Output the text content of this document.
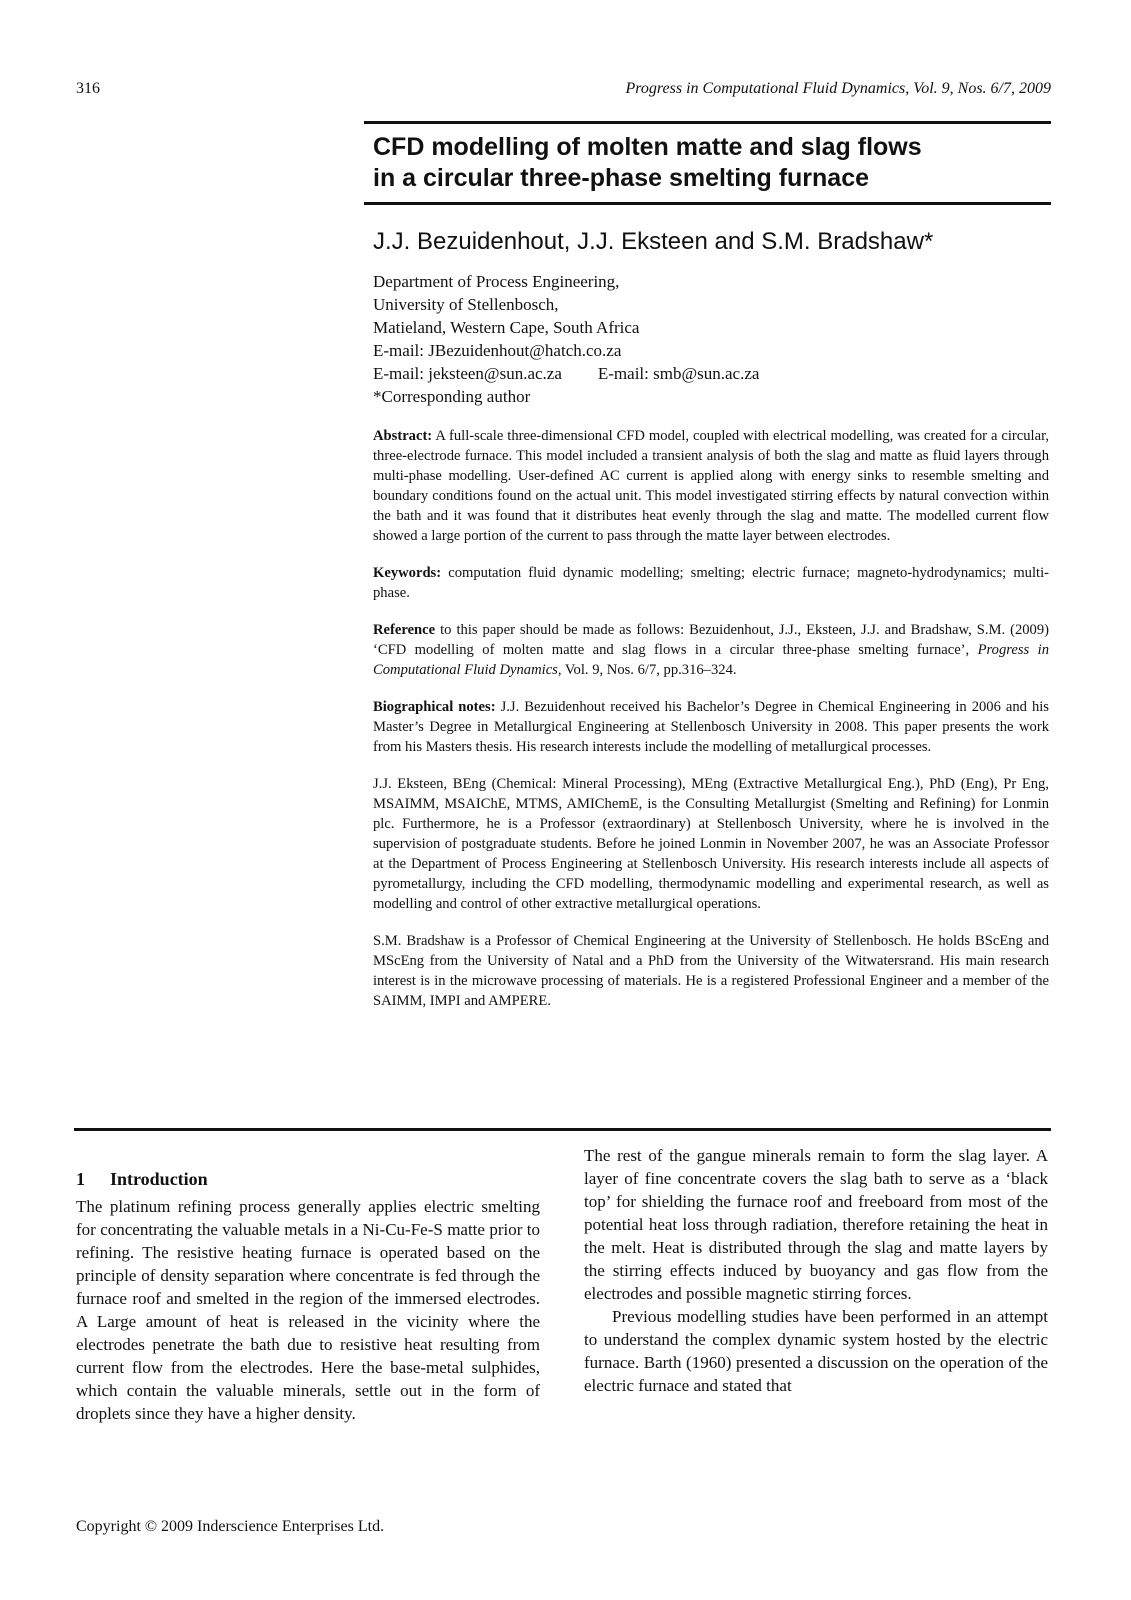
316	Progress in Computational Fluid Dynamics, Vol. 9, Nos. 6/7, 2009
CFD modelling of molten matte and slag flows
in a circular three-phase smelting furnace
J.J. Bezuidenhout, J.J. Eksteen and S.M. Bradshaw*
Department of Process Engineering,
University of Stellenbosch,
Matieland, Western Cape, South Africa
E-mail: JBezuidenhout@hatch.co.za
E-mail: jeksteen@sun.ac.za E-mail: smb@sun.ac.za
*Corresponding author

Abstract: A full-scale three-dimensional CFD model, coupled with electrical modelling, was created for a circular, three-electrode furnace. This model included a transient analysis of both the slag and matte as fluid layers through multi-phase modelling. User-defined AC current is applied along with energy sinks to resemble smelting and boundary conditions found on the actual unit. This model investigated stirring effects by natural convection within the bath and it was found that it distributes heat evenly through the slag and matte. The modelled current flow showed a large portion of the current to pass through the matte layer between electrodes.

Keywords: computation fluid dynamic modelling; smelting; electric furnace; magneto-hydrodynamics; multi-phase.

Reference to this paper should be made as follows: Bezuidenhout, J.J., Eksteen, J.J. and Bradshaw, S.M. (2009) ‘CFD modelling of molten matte and slag flows in a circular three-phase smelting furnace’, Progress in Computational Fluid Dynamics, Vol. 9, Nos. 6/7, pp.316–324.

Biographical notes: J.J. Bezuidenhout received his Bachelor’s Degree in Chemical Engineering in 2006 and his Master’s Degree in Metallurgical Engineering at Stellenbosch University in 2008. This paper presents the work from his Masters thesis. His research interests include the modelling of metallurgical processes.

J.J. Eksteen, BEng (Chemical: Mineral Processing), MEng (Extractive Metallurgical Eng.), PhD (Eng), Pr Eng, MSAIMM, MSAIChE, MTMS, AMIChemE, is the Consulting Metallurgist (Smelting and Refining) for Lonmin plc. Furthermore, he is a Professor (extraordinary) at Stellenbosch University, where he is involved in the supervision of postgraduate students. Before he joined Lonmin in November 2007, he was an Associate Professor at the Department of Process Engineering at Stellenbosch University. His research interests include all aspects of pyrometallurgy, including the CFD modelling, thermodynamic modelling and experimental research, as well as modelling and control of other extractive metallurgical operations.

S.M. Bradshaw is a Professor of Chemical Engineering at the University of Stellenbosch. He holds BScEng and MScEng from the University of Natal and a PhD from the University of the Witwatersrand. His main research interest is in the microwave processing of materials. He is a registered Professional Engineer and a member of the SAIMM, IMPI and AMPERE.

1 Introduction

The platinum refining process generally applies electric smelting for concentrating the valuable metals in a Ni-Cu-Fe-S matte prior to refining. The resistive heating furnace is operated based on the principle of density separation where concentrate is fed through the furnace roof and smelted in the region of the immersed electrodes. A Large amount of heat is released in the vicinity where the electrodes penetrate the bath due to resistive heat resulting from current flow from the electrodes. Here the base-metal sulphides, which contain the valuable minerals, settle out in the form of droplets since they have a higher density.

The rest of the gangue minerals remain to form the slag layer. A layer of fine concentrate covers the slag bath to serve as a ‘black top’ for shielding the furnace roof and freeboard from most of the potential heat loss through radiation, therefore retaining the heat in the melt. Heat is distributed through the slag and matte layers by the stirring effects induced by buoyancy and gas flow from the electrodes and possible magnetic stirring forces.

Previous modelling studies have been performed in an attempt to understand the complex dynamic system hosted by the electric furnace. Barth (1960) presented a discussion on the operation of the electric furnace and stated that

Copyright © 2009 Inderscience Enterprises Ltd.
